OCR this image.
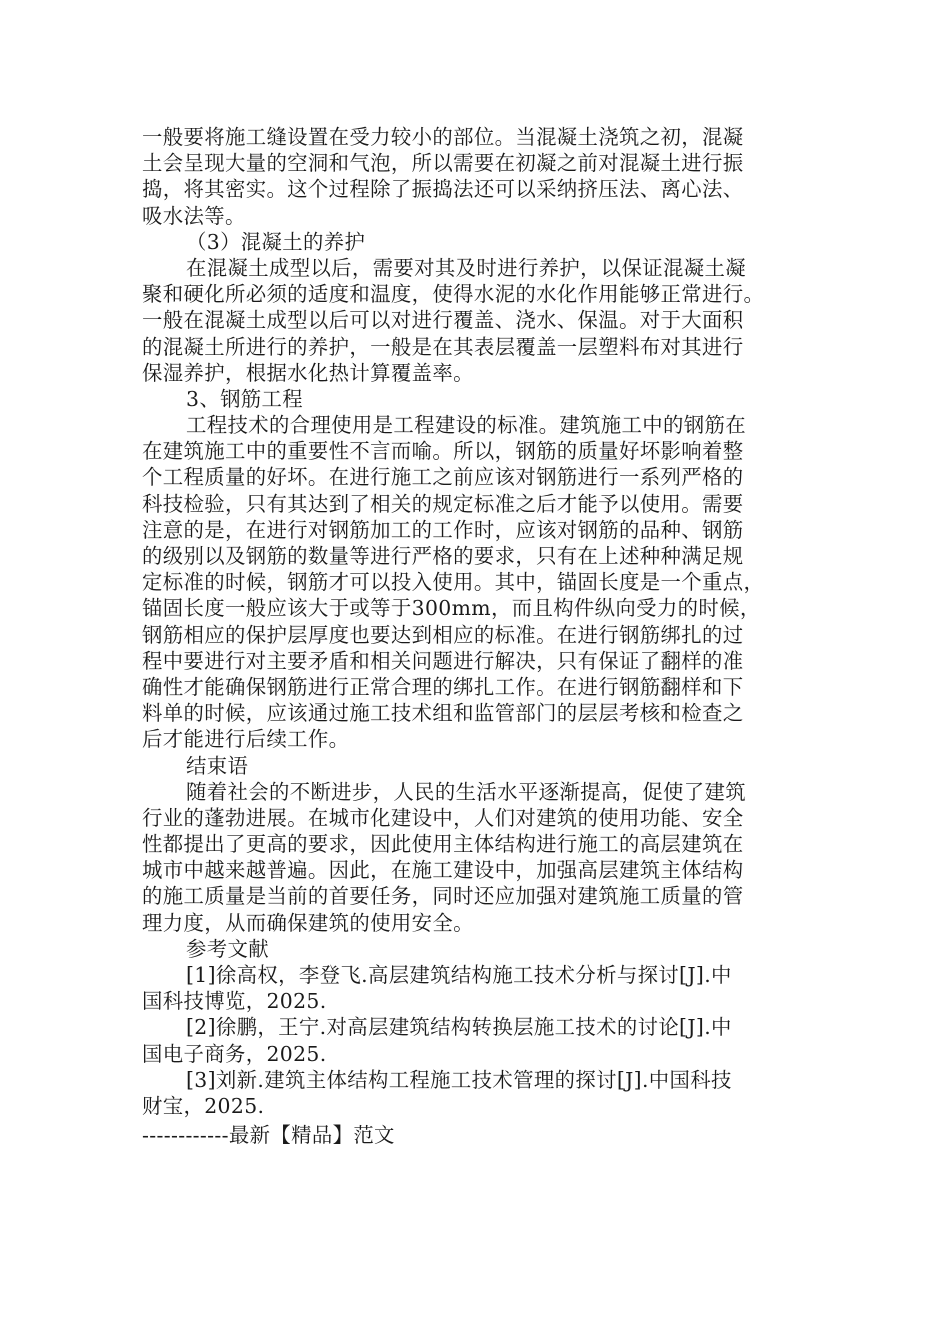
一般要将施工缝设置在受力较小的部位。当混凝土浇筑之初，混凝
土会呈现大量的空洞和气泡，所以需要在初凝之前对混凝土进行振
捣，将其密实。这个过程除了振捣法还可以采纳挤压法、离心法、
吸水法等。
（3）混凝土的养护
在混凝土成型以后，需要对其及时进行养护，以保证混凝土凝
聚和硬化所必须的适度和温度，使得水泥的水化作用能够正常进行。
一般在混凝土成型以后可以对进行覆盖、浇水、保温。对于大面积
的混凝土所进行的养护，一般是在其表层覆盖一层塑料布对其进行
保湿养护，根据水化热计算覆盖率。
3、钢筋工程
工程技术的合理使用是工程建设的标准。建筑施工中的钢筋在
在建筑施工中的重要性不言而喻。所以，钢筋的质量好坏影响着整
个工程质量的好坏。在进行施工之前应该对钢筋进行一系列严格的
科技检验，只有其达到了相关的规定标准之后才能予以使用。需要
注意的是，在进行对钢筋加工的工作时，应该对钢筋的品种、钢筋
的级别以及钢筋的数量等进行严格的要求，只有在上述种种满足规
定标准的时候，钢筋才可以投入使用。其中，锚固长度是一个重点，
锚固长度一般应该大于或等于300mm，而且构件纵向受力的时候，
钢筋相应的保护层厚度也要达到相应的标准。在进行钢筋绑扎的过
程中要进行对主要矛盾和相关问题进行解决，只有保证了翻样的准
确性才能确保钢筋进行正常合理的绑扎工作。在进行钢筋翻样和下
料单的时候，应该通过施工技术组和监管部门的层层考核和检查之
后才能进行后续工作。
结束语
随着社会的不断进步，人民的生活水平逐渐提高，促使了建筑
行业的蓬勃进展。在城市化建设中，人们对建筑的使用功能、安全
性都提出了更高的要求，因此使用主体结构进行施工的高层建筑在
城市中越来越普遍。因此，在施工建设中，加强高层建筑主体结构
的施工质量是当前的首要任务，同时还应加强对建筑施工质量的管
理力度，从而确保建筑的使用安全。
参考文献
[1]徐高权，李登飞.高层建筑结构施工技术分析与探讨[J].中
国科技博览，2025.
[2]徐鹏，王宁.对高层建筑结构转换层施工技术的讨论[J].中
国电子商务，2025.
[3]刘新.建筑主体结构工程施工技术管理的探讨[J].中国科技
财宝，2025.
------------最新【精品】范文
